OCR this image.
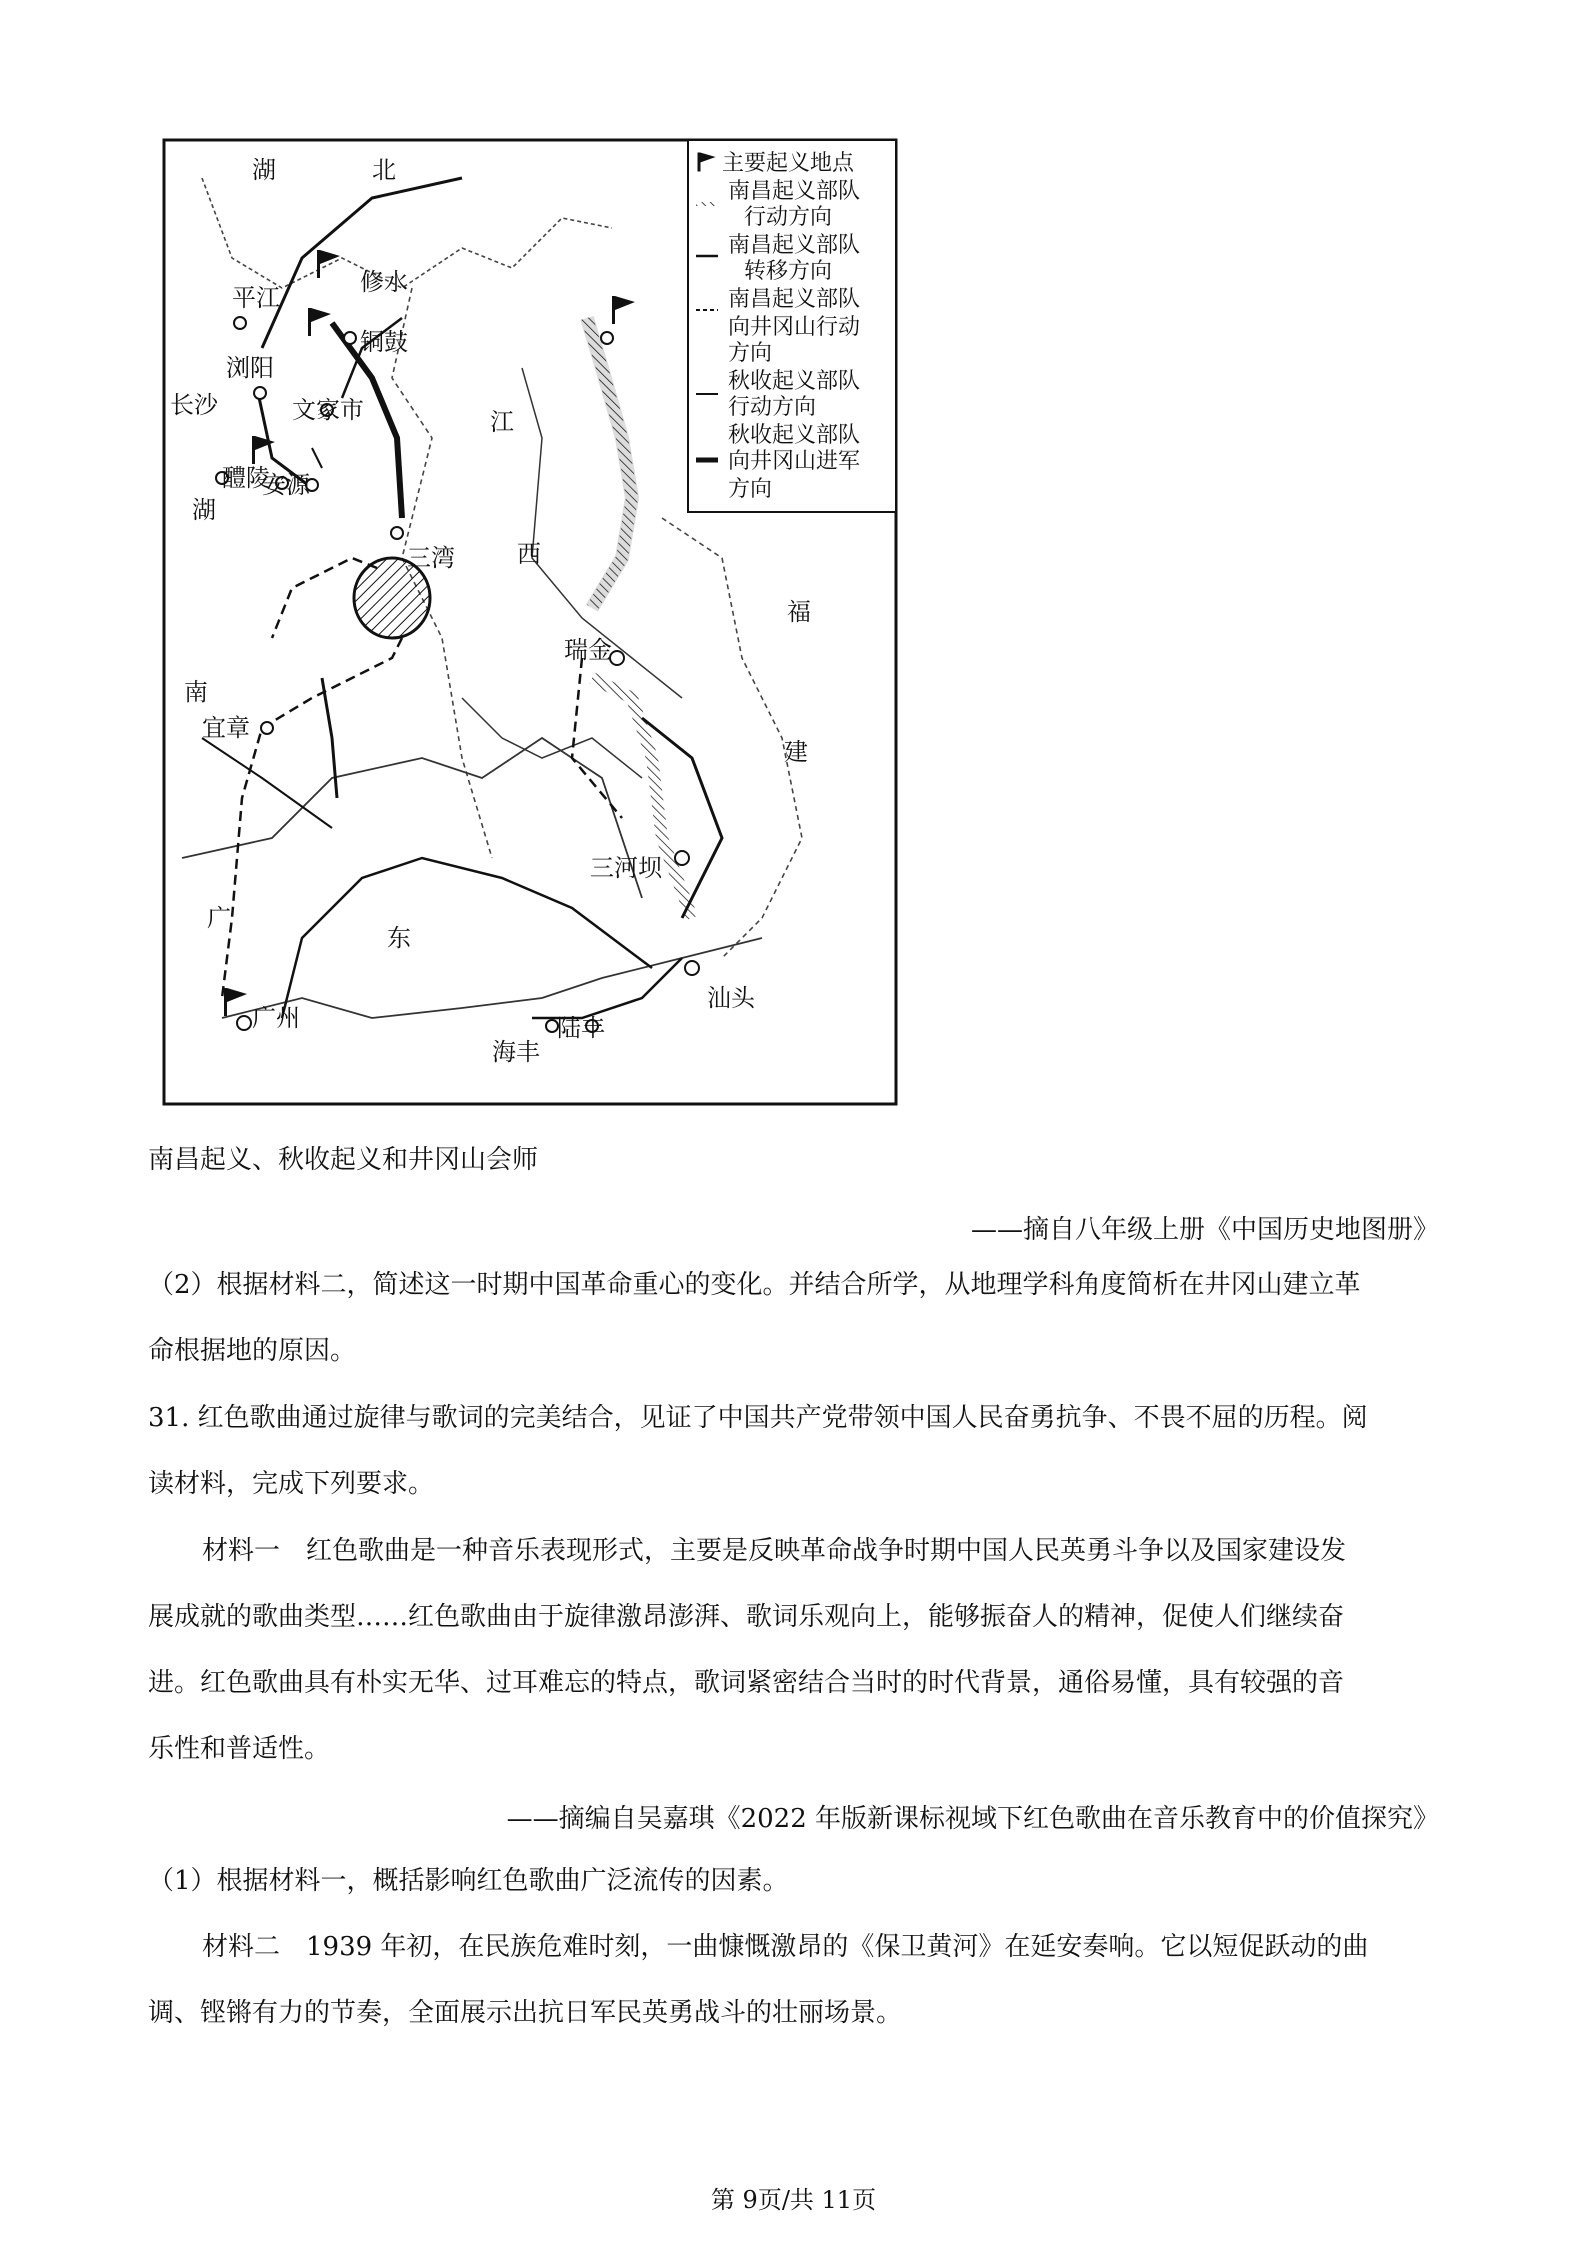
湖	北
平江
修水
铜鼓
浏阳
文家市
长沙
江
醴陵
安源
湖
三湾	西
福
瑞金
南
宜章
建
三河坝
广
东
广州
汕头
陆丰
海丰
主要起义地点
南昌起义部队
行动方向
南昌起义部队
转移方向
南昌起义部队
向井冈山行动
方向
秋收起义部队
行动方向
秋收起义部队
向井冈山进军
方向
南昌起义、秋收起义和井冈山会师
——摘自八年级上册《中国历史地图册》
（2）根据材料二，简述这一时期中国革命重心的变化。并结合所学，从地理学科角度简析在井冈山建立革
命根据地的原因。
31. 红色歌曲通过旋律与歌词的完美结合，见证了中国共产党带领中国人民奋勇抗争、不畏不屈的历程。阅
读材料，完成下列要求。
材料一　红色歌曲是一种音乐表现形式，主要是反映革命战争时期中国人民英勇斗争以及国家建设发
展成就的歌曲类型……红色歌曲由于旋律激昂澎湃、歌词乐观向上，能够振奋人的精神，促使人们继续奋
进。红色歌曲具有朴实无华、过耳难忘的特点，歌词紧密结合当时的时代背景，通俗易懂，具有较强的音
乐性和普适性。
——摘编自吴嘉琪《2022 年版新课标视域下红色歌曲在音乐教育中的价值探究》
（1）根据材料一，概括影响红色歌曲广泛流传的因素。
材料二　1939 年初，在民族危难时刻，一曲慷慨激昂的《保卫黄河》在延安奏响。它以短促跃动的曲
调、铿锵有力的节奏，全面展示出抗日军民英勇战斗的壮丽场景。
第 9页/共 11页
